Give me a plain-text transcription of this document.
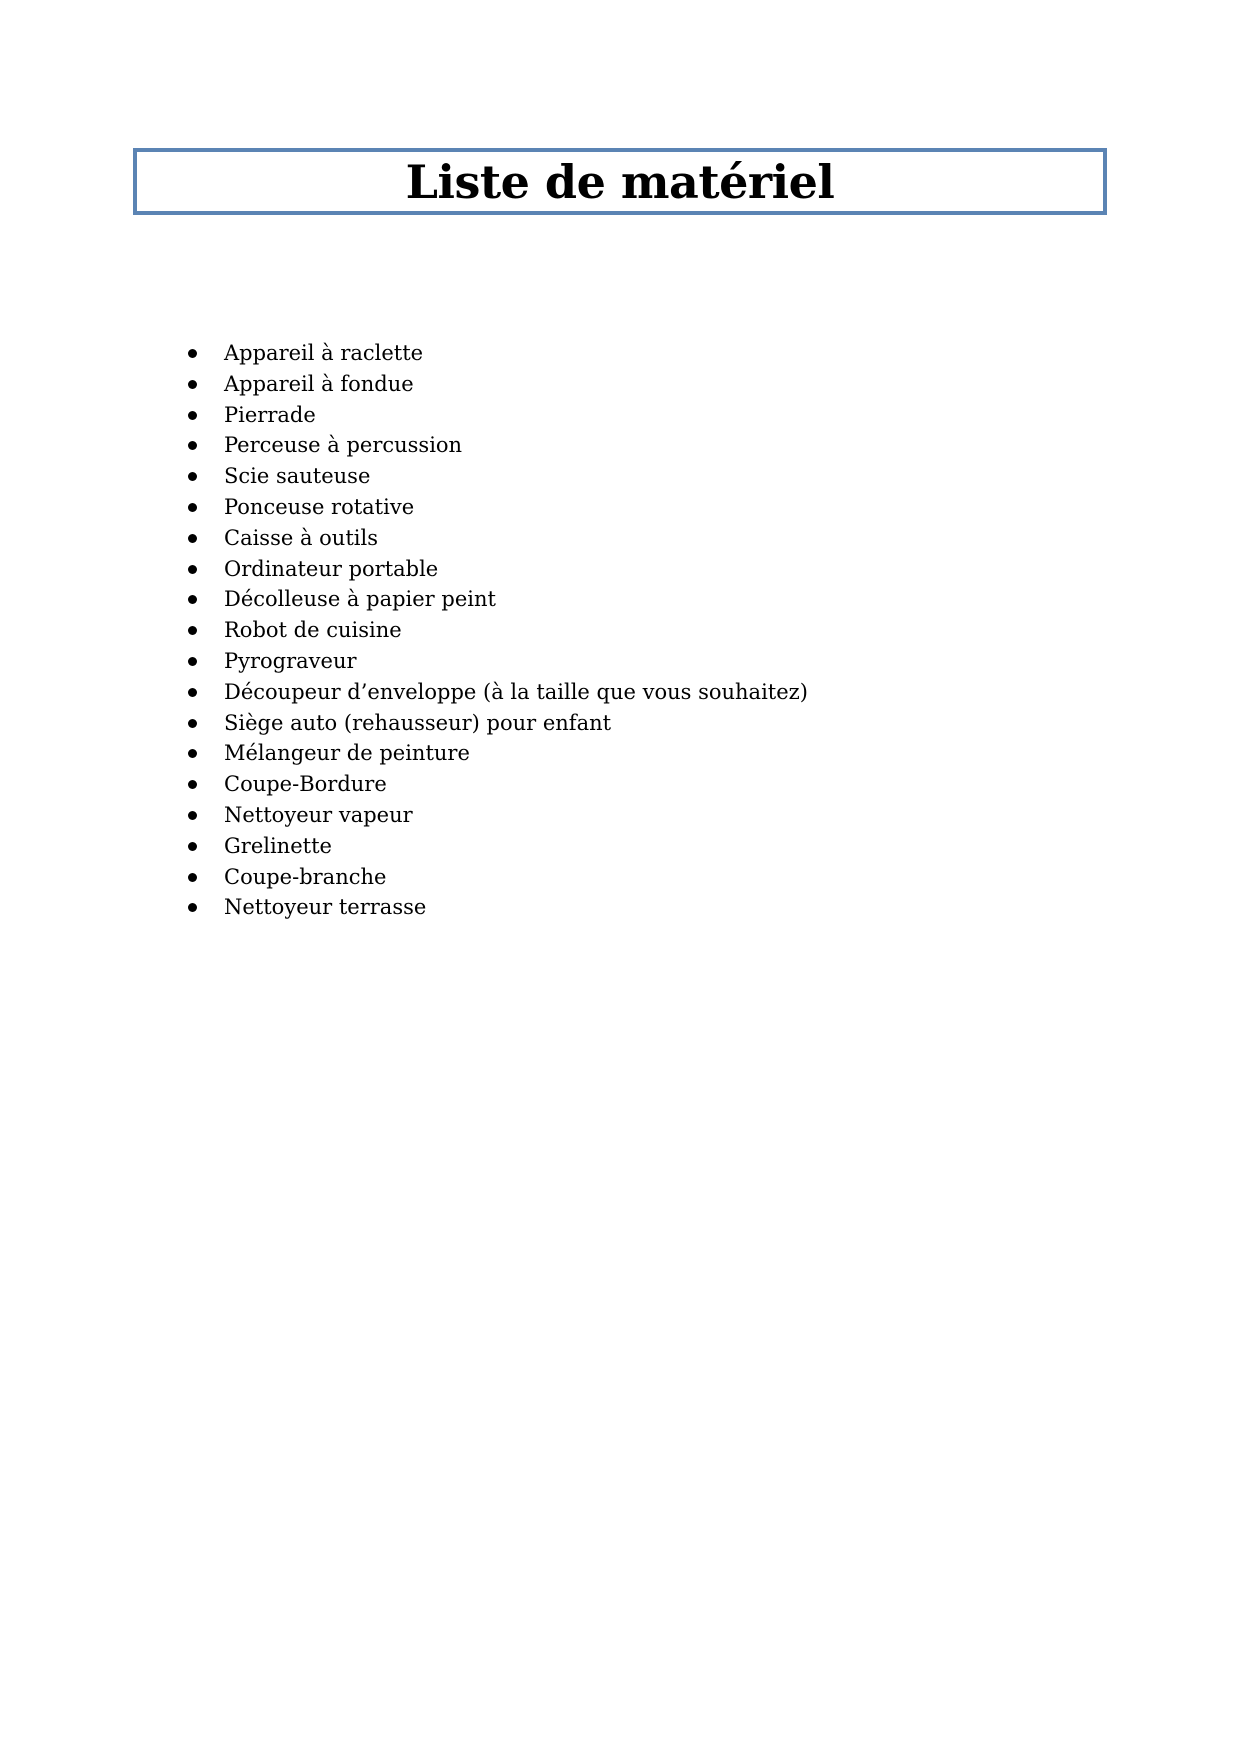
Liste de matériel
Appareil à raclette
Appareil à fondue
Pierrade
Perceuse à percussion
Scie sauteuse
Ponceuse rotative
Caisse à outils
Ordinateur portable
Décolleuse à papier peint
Robot de cuisine
Pyrograveur
Découpeur d’enveloppe (à la taille que vous souhaitez)
Siège auto (rehausseur) pour enfant
Mélangeur de peinture
Coupe-Bordure
Nettoyeur vapeur
Grelinette
Coupe-branche
Nettoyeur terrasse
